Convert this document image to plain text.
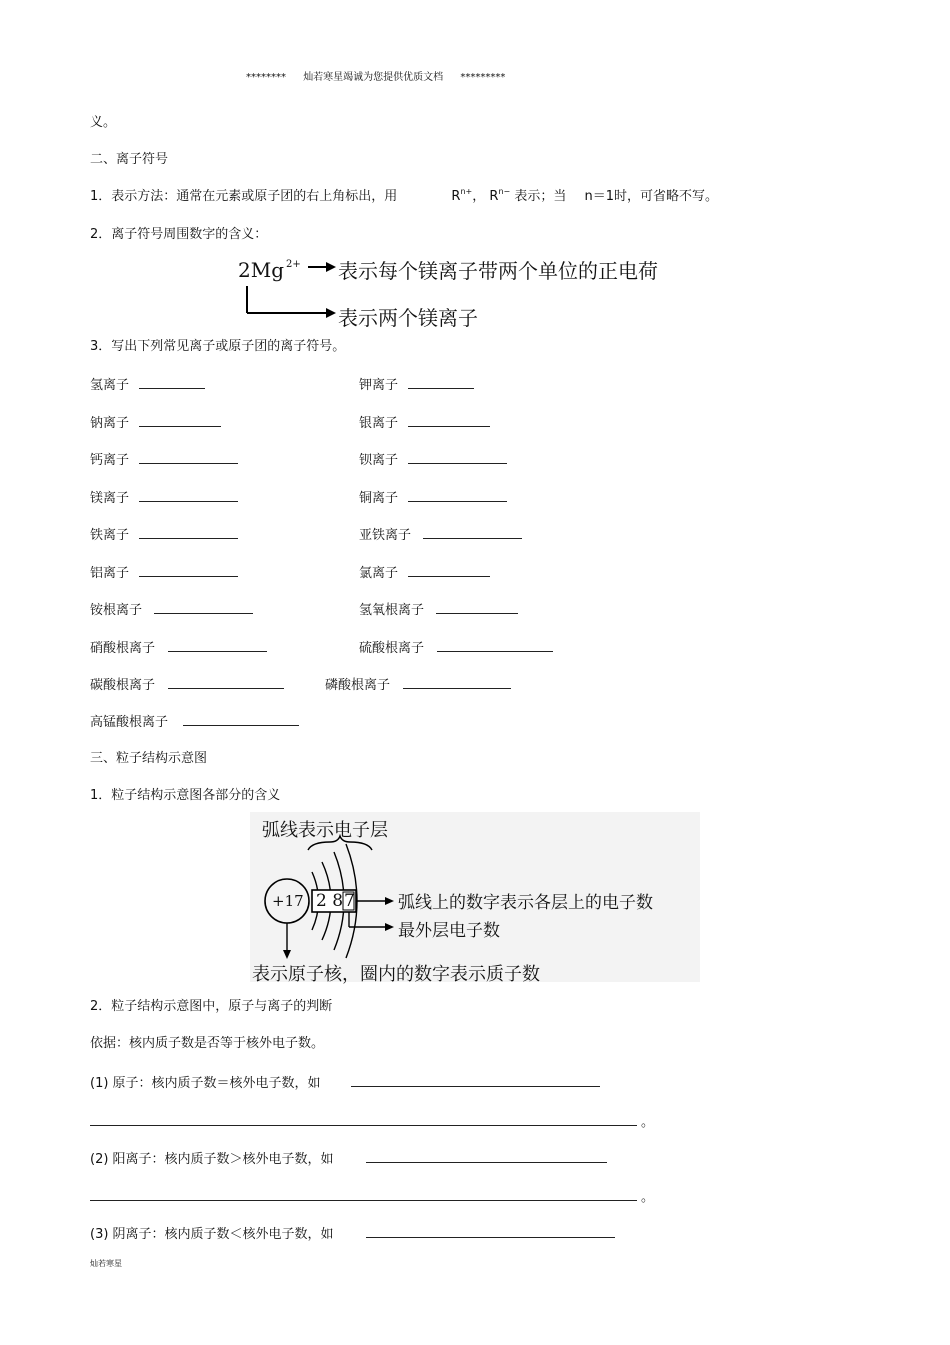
******** 灿若寒星竭诚为您提供优质文档 *********
义。
二、离子符号
1．表示方法：通常在元素或原子团的右上角标出，用	$R^{n+}$， $R^{n-}$ 表示；当 n＝1时，可省略不写。
2．离子符号周围数字的含义：
2Mg 2+ 表示每个镁离子带两个单位的正电荷
表示两个镁离子
3．写出下列常见离子或原子团的离子符号。
氢离子	钾离子
钠离子	银离子
钙离子	钡离子
镁离子	铜离子
铁离子	亚铁离子
铝离子	氯离子
铵根离子	氢氧根离子
硝酸根离子	硫酸根离子
碳酸根离子	磷酸根离子
高锰酸根离子
三、粒子结构示意图
1．粒子结构示意图各部分的含义
弧线表示电子层
+17 2 8 7	弧线上的数字表示各层上的电子数
最外层电子数
表示原子核，圈内的数字表示质子数
2．粒子结构示意图中，原子与离子的判断
依据：核内质子数是否等于核外电子数。
(1) 原子：核内质子数＝核外电子数，如
。
(2) 阳离子：核内质子数＞核外电子数，如
。
(3) 阴离子：核内质子数＜核外电子数，如
灿若寒星
